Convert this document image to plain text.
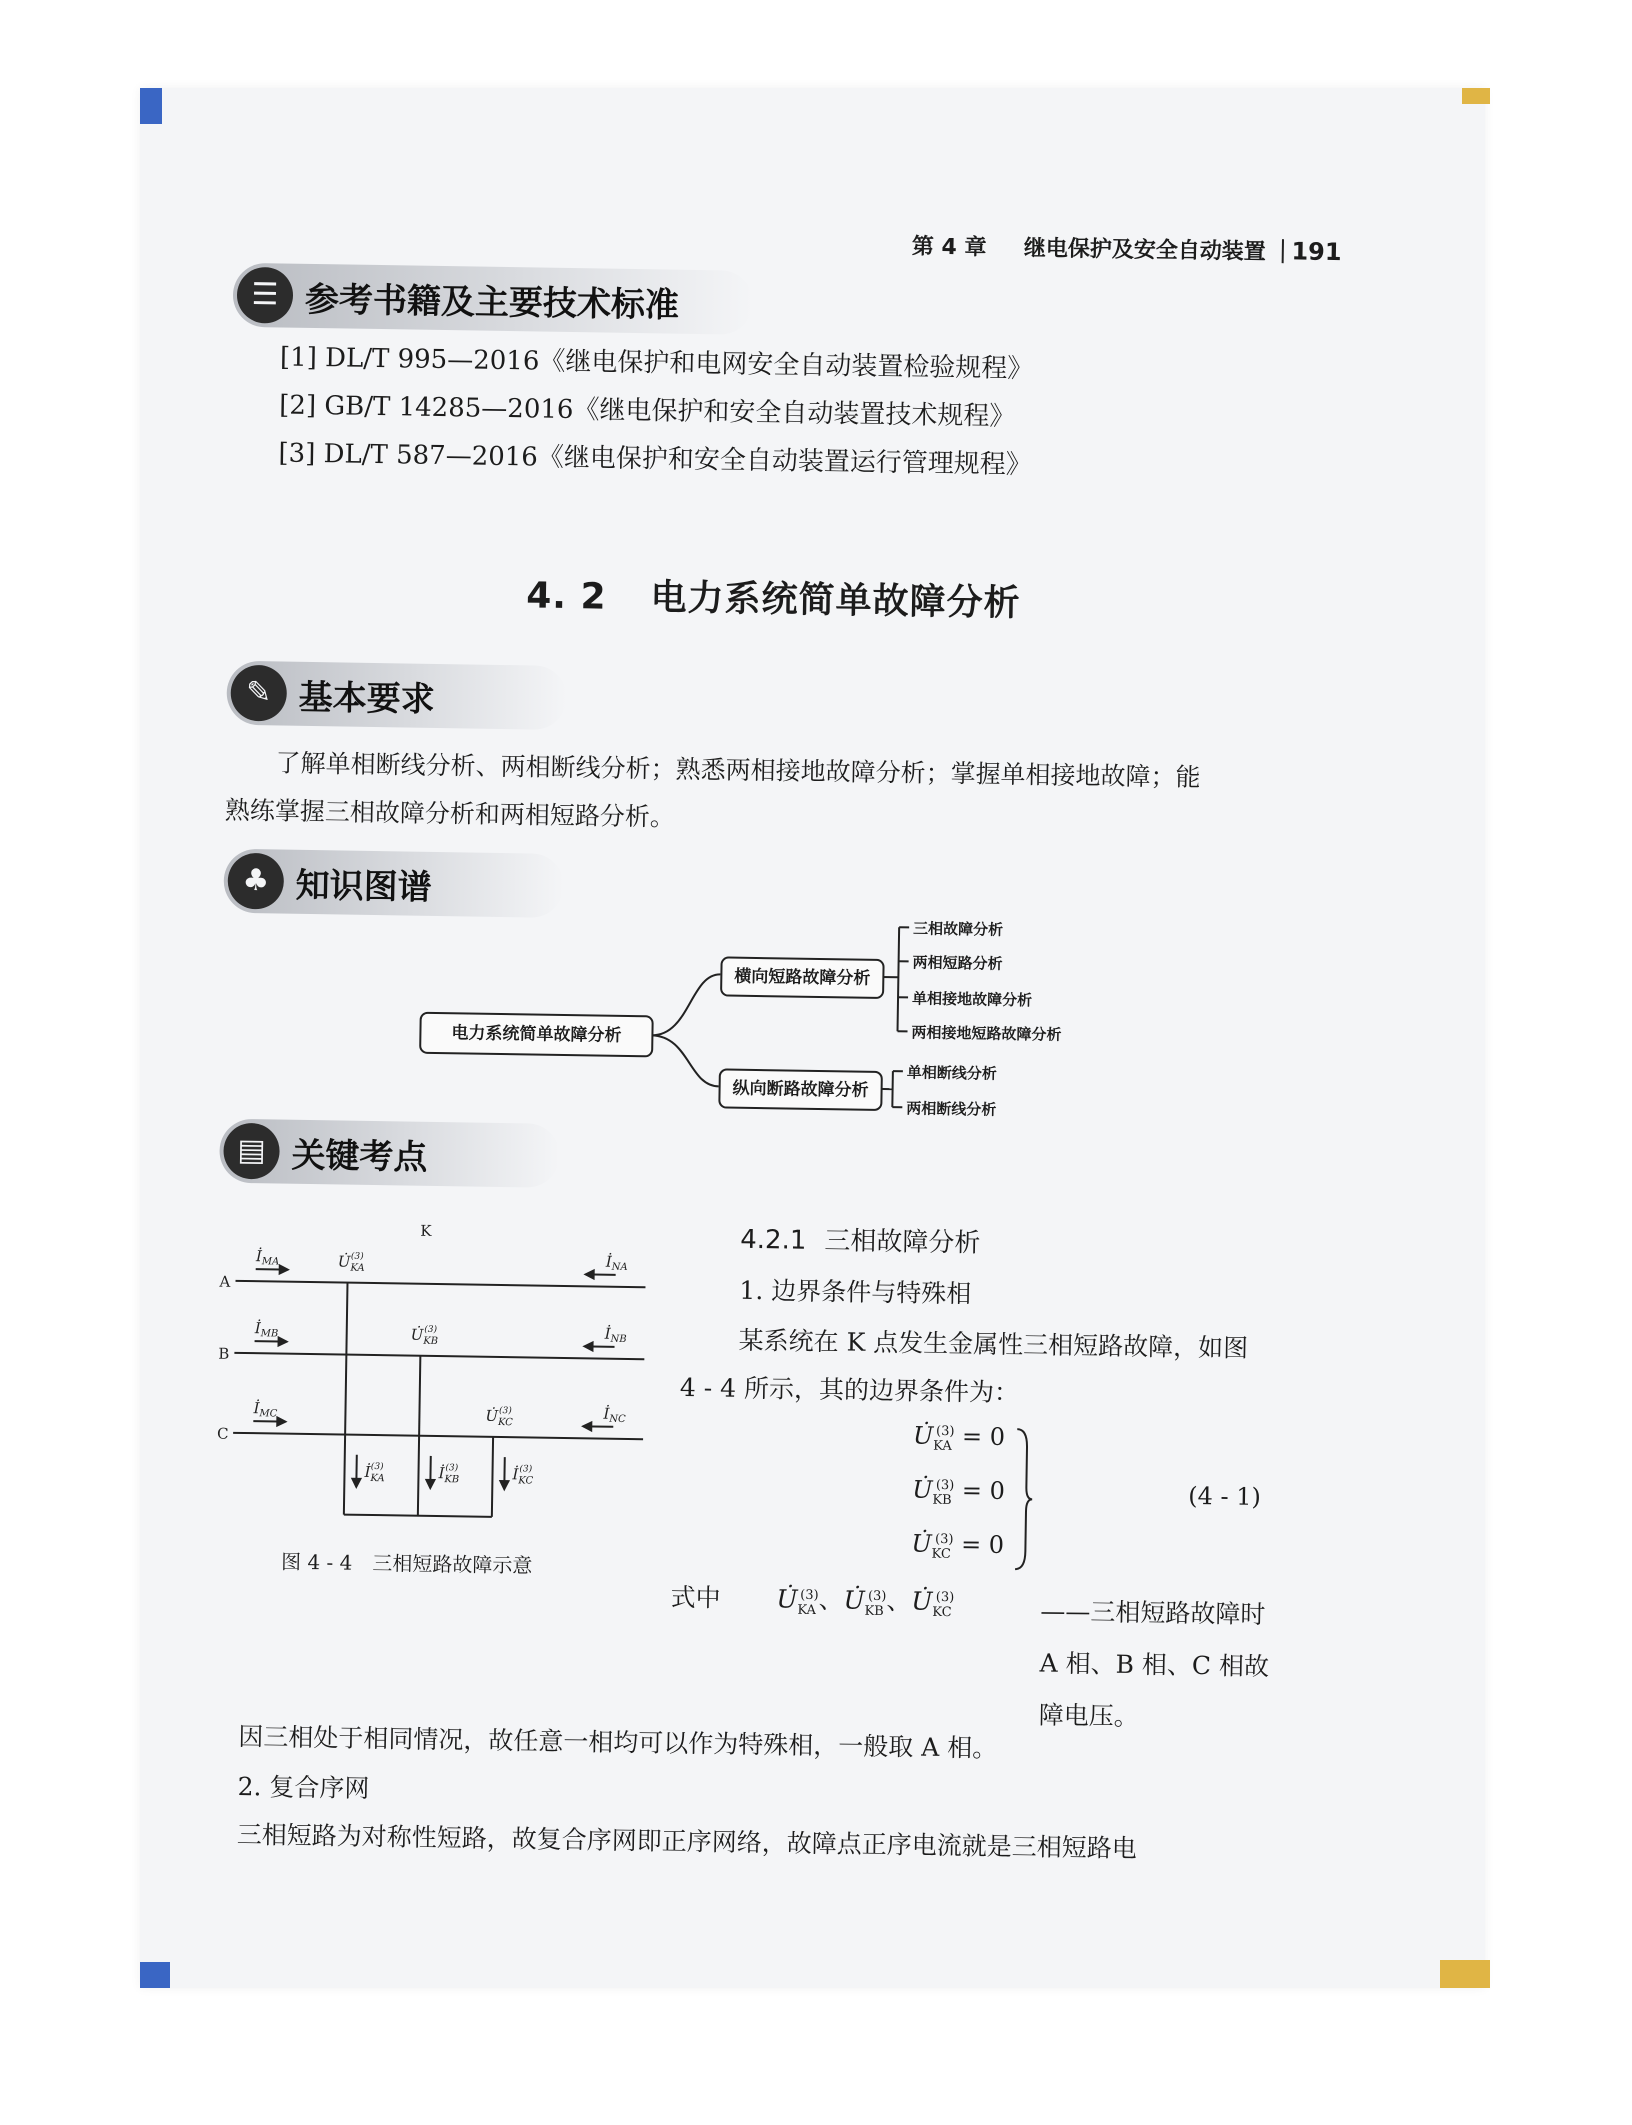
第 4 章 继电保护及安全自动装置 191
☰ 参考书籍及主要技术标准
[1] DL/T 995—2016《继电保护和电网安全自动装置检验规程》
[2] GB/T 14285—2016《继电保护和安全自动装置技术规程》
[3] DL/T 587—2016《继电保护和安全自动装置运行管理规程》
4. 2 电力系统简单故障分析
✎ 基本要求
了解单相断线分析、两相断线分析；熟悉两相接地故障分析；掌握单相接地故障；能
熟练掌握三相故障分析和两相短路分析。
♣ 知识图谱
电力系统简单故障分析
横向短路故障分析
纵向断路故障分析
三相故障分析
两相短路分析
单相接地故障分析
两相接地短路故障分析
单相断线分析
两相断线分析
▤ 关键考点
K
A
B
C
$İ_{MA}$
$İ_{MB}$
$İ_{MC}$
$İ_{NA}$
$İ_{NB}$
$İ_{NC}$
$U̇_{KA}(3)$
$U̇_{KB}(3)$
$U̇_{KC}(3)$
$İ_{KA}(3)$	$İ_{KB}(3)$	$İ_{KC}(3)$
图 4 - 4　三相短路故障示意
4.2.1 三相故障分析
1. 边界条件与特殊相
某系统在 K 点发生金属性三相短路故障，如图
4 - 4 所示，其的边界条件为：
$U̇_{KA}^{(3)} = 0$
$U̇_{KB}^{(3)} = 0$
$U̇_{KC}^{(3)} = 0$
(4 - 1)
式中 $U̇_{KA}^{(3)}$、$U̇_{KB}^{(3)}$、$U̇_{KC}^{(3)}$	——三相短路故障时 A 相、B 相、C 相故障电压。
因三相处于相同情况，故任意一相均可以作为特殊相，一般取 A 相。
2. 复合序网
三相短路为对称性短路，故复合序网即正序网络，故障点正序电流就是三相短路电
